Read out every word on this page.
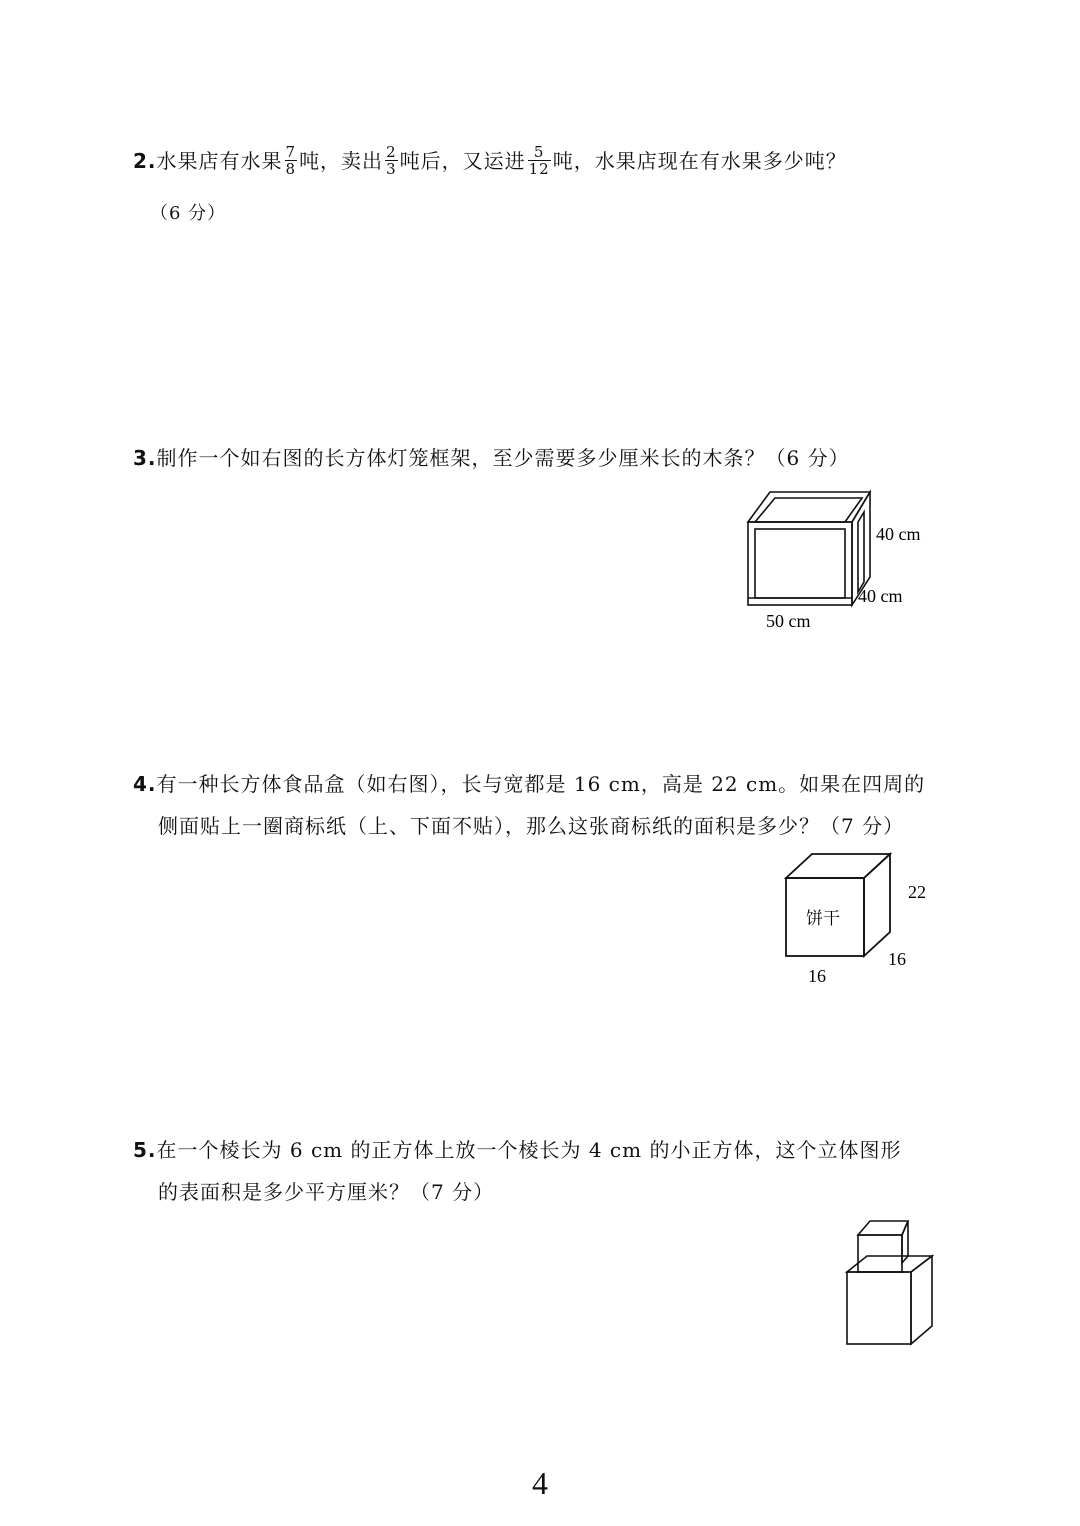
2.水果店有水果 $\frac{7}{8}$ 吨，卖出 $\frac{2}{3}$ 吨后，又运进 $\frac{5}{12}$ 吨，水果店现在有水果多少吨？
（6 分）
3.制作一个如右图的长方体灯笼框架，至少需要多少厘米长的木条？（6 分）
40 cm
40 cm
50 cm
4.有一种长方体食品盒（如右图），长与宽都是 16 cm，高是 22 cm。如果在四周的
侧面贴上一圈商标纸（上、下面不贴），那么这张商标纸的面积是多少？（7 分）
饼干
22
16
16
5.在一个棱长为 6 cm 的正方体上放一个棱长为 4 cm 的小正方体，这个立体图形
的表面积是多少平方厘米？（7 分）
4
